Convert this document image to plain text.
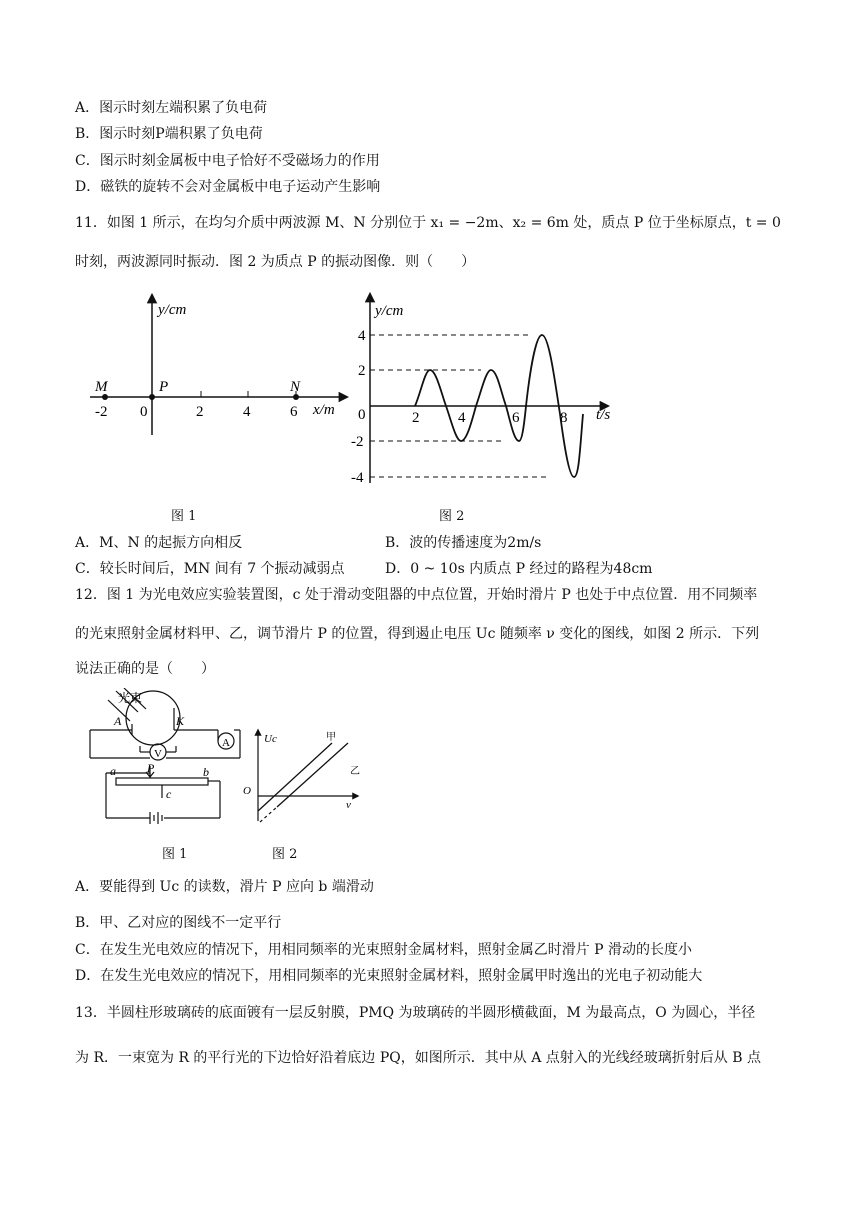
A．图示时刻左端积累了负电荷
B．图示时刻P端积累了负电荷
C．图示时刻金属板中电子恰好不受磁场力的作用
D．磁铁的旋转不会对金属板中电子运动产生影响
11．如图 1 所示，在均匀介质中两波源 M、N 分别位于 x₁ = −2m、x₂ = 6m 处，质点 P 位于坐标原点，t = 0
时刻，两波源同时振动．图 2 为质点 P 的振动图像．则（　　）
y/cm
x/m
M	P	N
-2 0	2	4	6
y/cm
t/s
4
2
0
-2
-4
2	4	6	8
图 1	图 2
A．M、N 的起振方向相反	B．波的传播速度为2m/s
C．较长时间后，MN 间有 7 个振动减弱点	D．0 ~ 10s 内质点 P 经过的路程为48cm
12．图 1 为光电效应实验装置图，c 处于滑动变阻器的中点位置，开始时滑片 P 也处于中点位置．用不同频率
的光束照射金属材料甲、乙，调节滑片 P 的位置，得到遏止电压 Uc 随频率 ν 变化的图线，如图 2 所示．下列
说法正确的是（　　）
光束
A	K
A
V
a	P	b
c
Uc
ν
O
甲
乙
图 1	图 2
A．要能得到 Uc 的读数，滑片 P 应向 b 端滑动
B．甲、乙对应的图线不一定平行
C．在发生光电效应的情况下，用相同频率的光束照射金属材料，照射金属乙时滑片 P 滑动的长度小
D．在发生光电效应的情况下，用相同频率的光束照射金属材料，照射金属甲时逸出的光电子初动能大
13．半圆柱形玻璃砖的底面镀有一层反射膜，PMQ 为玻璃砖的半圆形横截面，M 为最高点，O 为圆心，半径
为 R．一束宽为 R 的平行光的下边恰好沿着底边 PQ，如图所示．其中从 A 点射入的光线经玻璃折射后从 B 点
